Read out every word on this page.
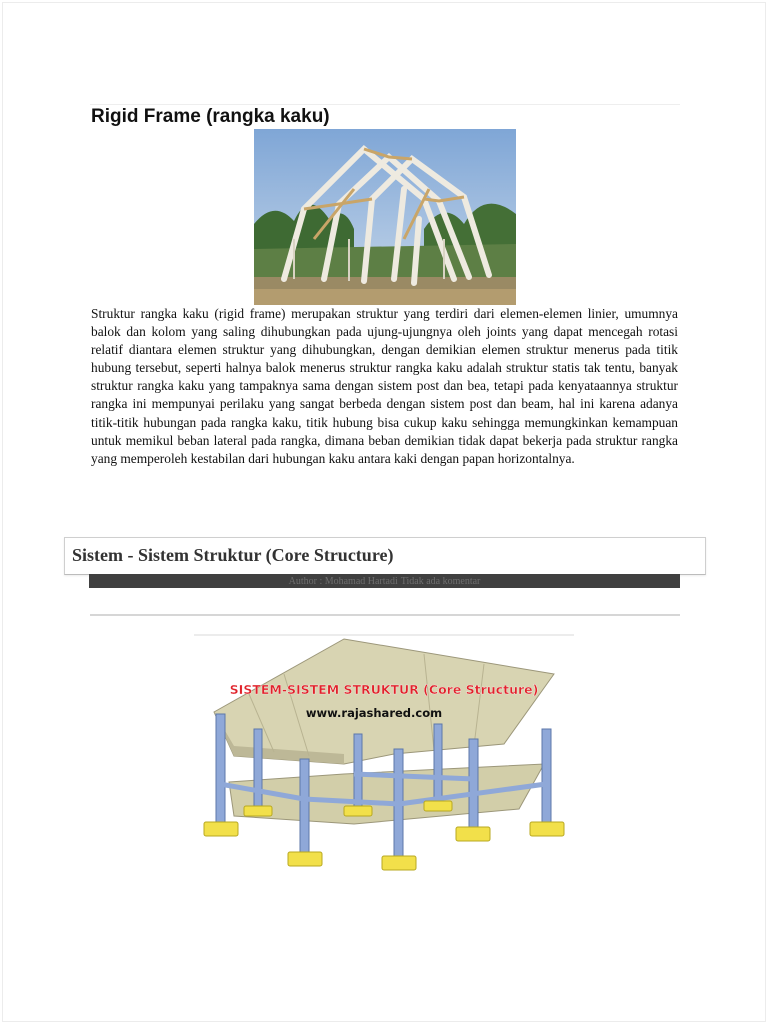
Rigid Frame (rangka kaku)

Struktur rangka kaku (rigid frame) merupakan struktur yang terdiri dari elemen-elemen linier, umumnya balok dan kolom yang saling dihubungkan pada ujung-ujungnya oleh joints yang dapat mencegah rotasi relatif diantara elemen struktur yang dihubungkan, dengan demikian elemen struktur menerus pada titik hubung tersebut, seperti halnya balok menerus struktur rangka kaku adalah struktur statis tak tentu, banyak struktur rangka kaku yang tampaknya sama dengan sistem post dan bea, tetapi pada kenyataannya struktur rangka ini mempunyai perilaku yang sangat berbeda dengan sistem post dan beam, hal ini karena adanya titik-titik hubungan pada rangka kaku, titik hubung bisa cukup kaku sehingga memungkinkan kemampuan untuk memikul beban lateral pada rangka, dimana beban demikian tidak dapat bekerja pada struktur rangka yang memperoleh kestabilan dari hubungan kaku antara kaki dengan papan horizontalnya.

Sistem - Sistem Struktur (Core Structure)
Author : Mohamad Hartadi Tidak ada komentar
SISTEM-SISTEM STRUKTUR (Core Structure)
www.rajashared.com
